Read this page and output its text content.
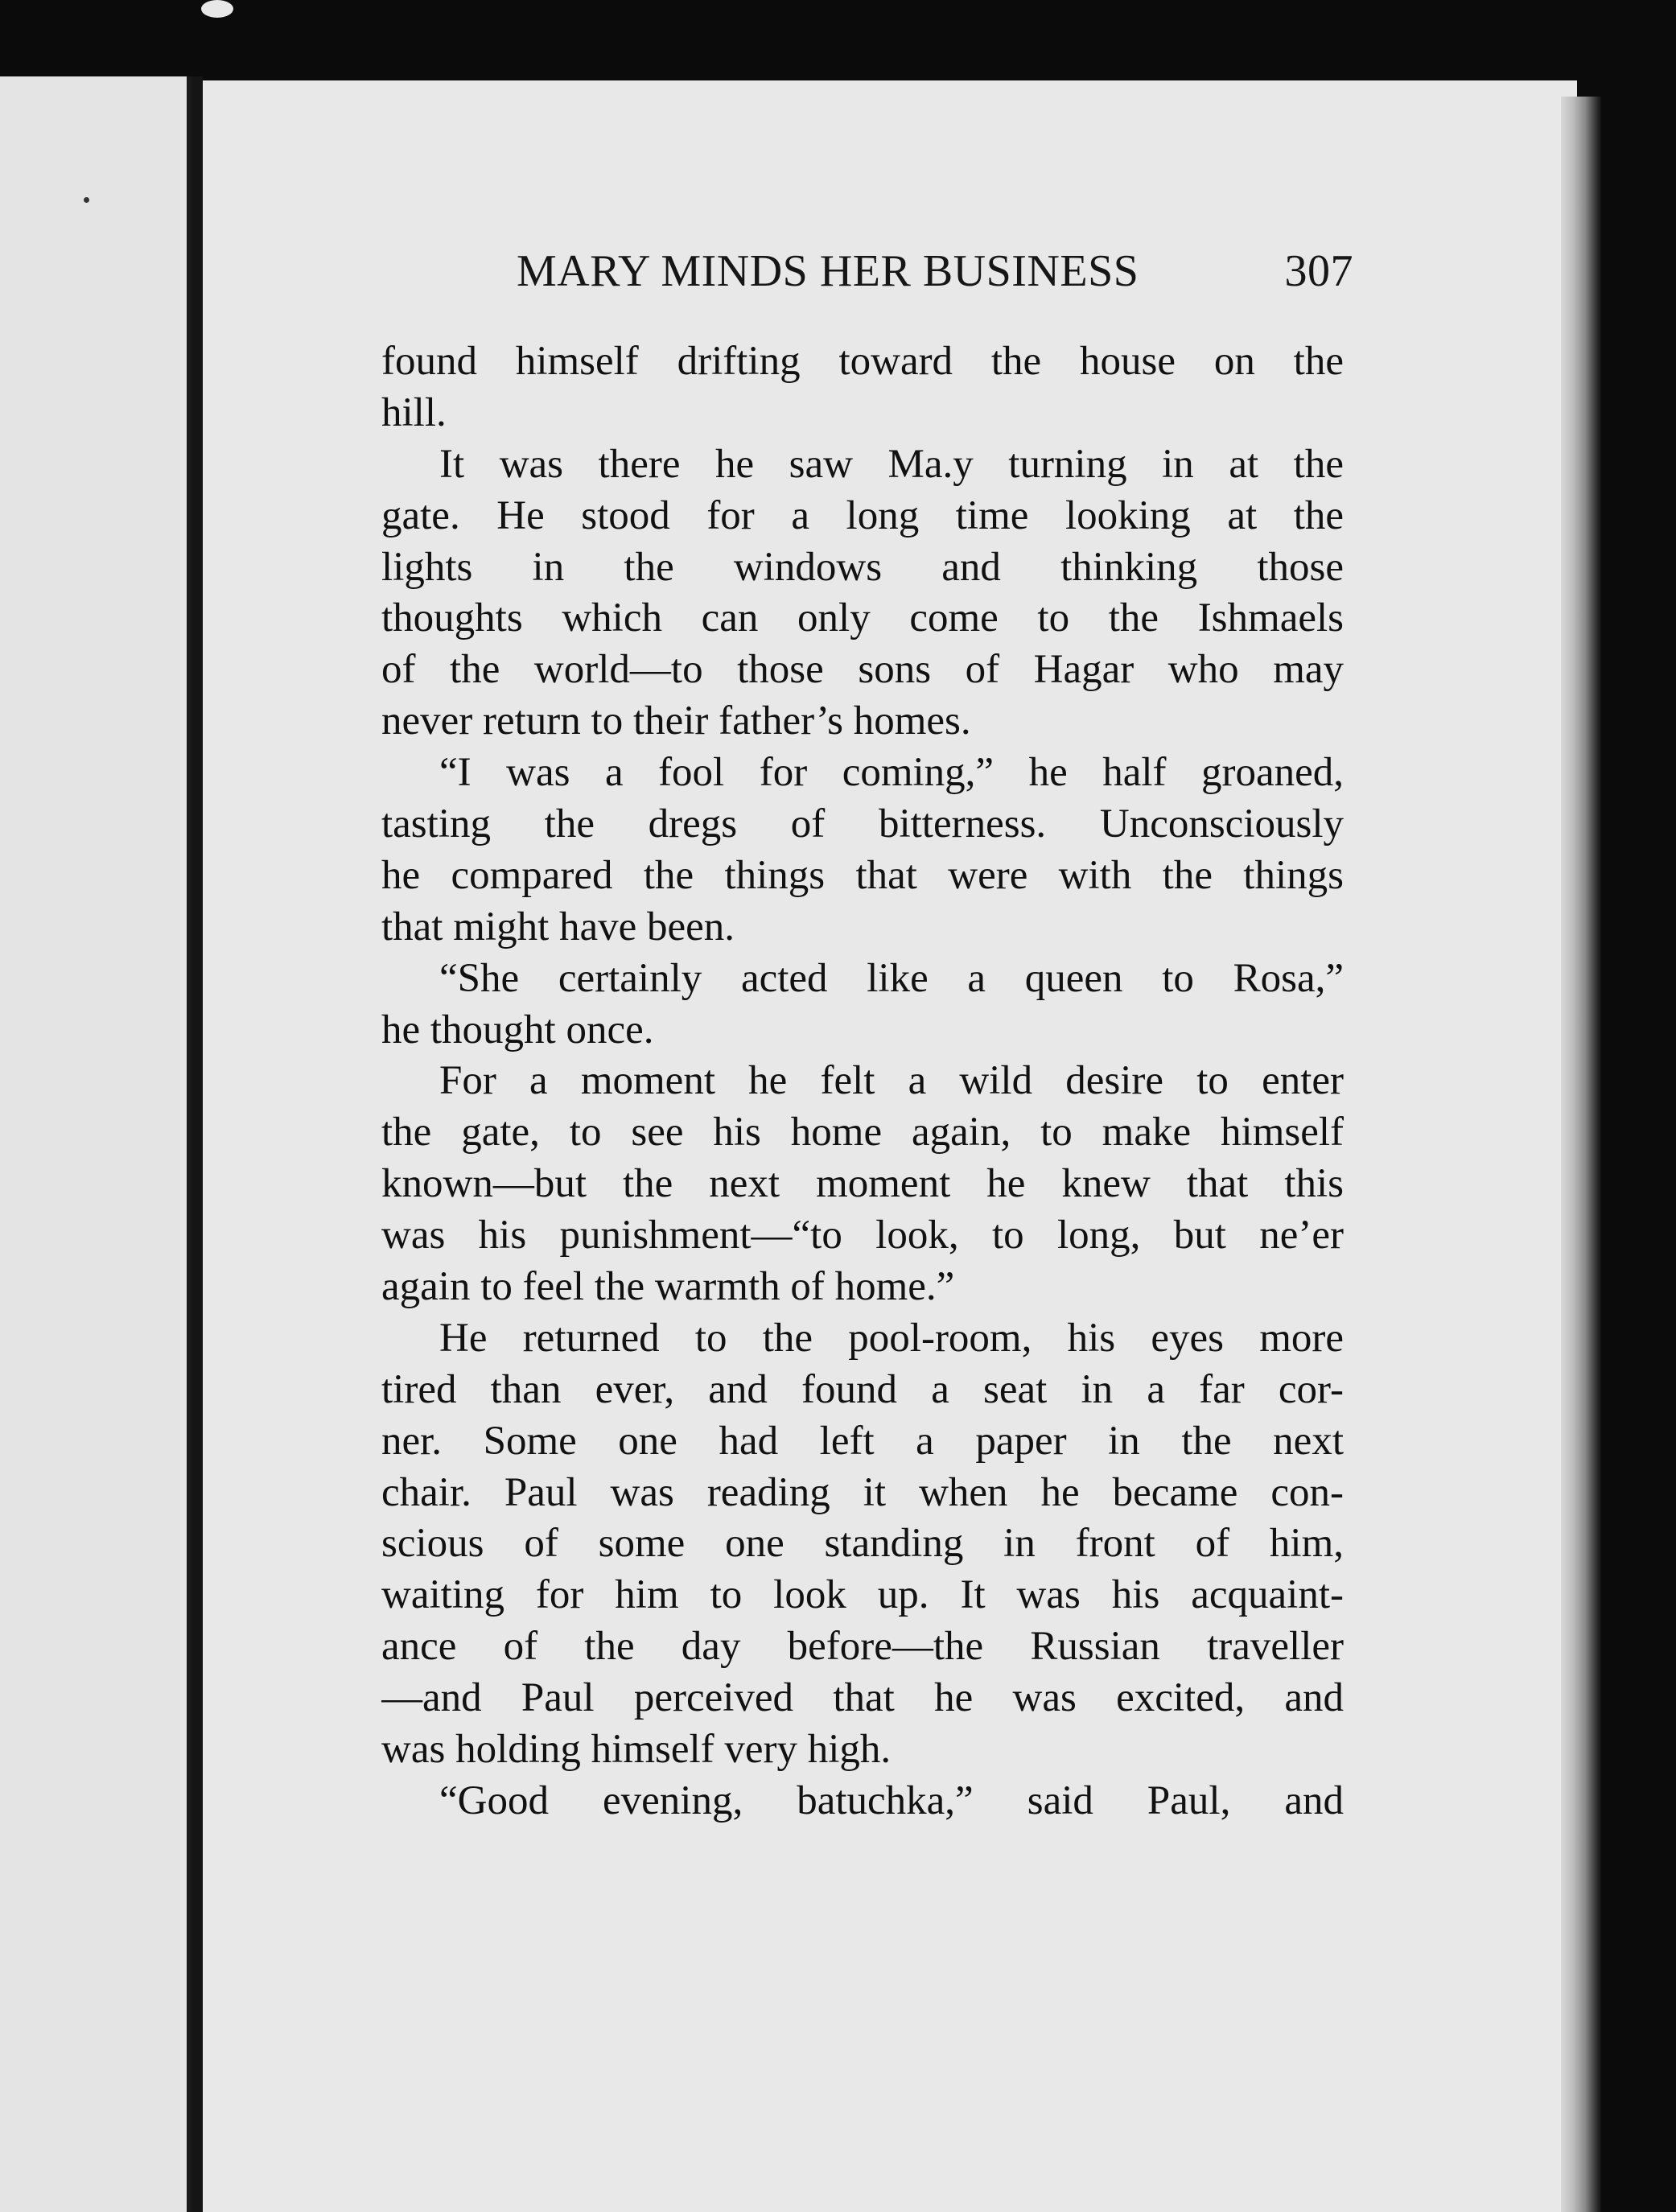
MARY MINDS HER BUSINESS	307
found himself drifting toward the house on the
hill.
It was there he saw Ma.y turning in at the
gate. He stood for a long time looking at the
lights in the windows and thinking those
thoughts which can only come to the Ishmaels
of the world—to those sons of Hagar who may
never return to their father’s homes.
“I was a fool for coming,” he half groaned,
tasting the dregs of bitterness. Unconsciously
he compared the things that were with the things
that might have been.
“She certainly acted like a queen to Rosa,”
he thought once.
For a moment he felt a wild desire to enter
the gate, to see his home again, to make himself
known—but the next moment he knew that this
was his punishment—“to look, to long, but ne’er
again to feel the warmth of home.”
He returned to the pool-room, his eyes more
tired than ever, and found a seat in a far cor-
ner. Some one had left a paper in the next
chair. Paul was reading it when he became con-
scious of some one standing in front of him,
waiting for him to look up. It was his acquaint-
ance of the day before—the Russian traveller
—and Paul perceived that he was excited, and
was holding himself very high.
“Good evening, batuchka,” said Paul, and
